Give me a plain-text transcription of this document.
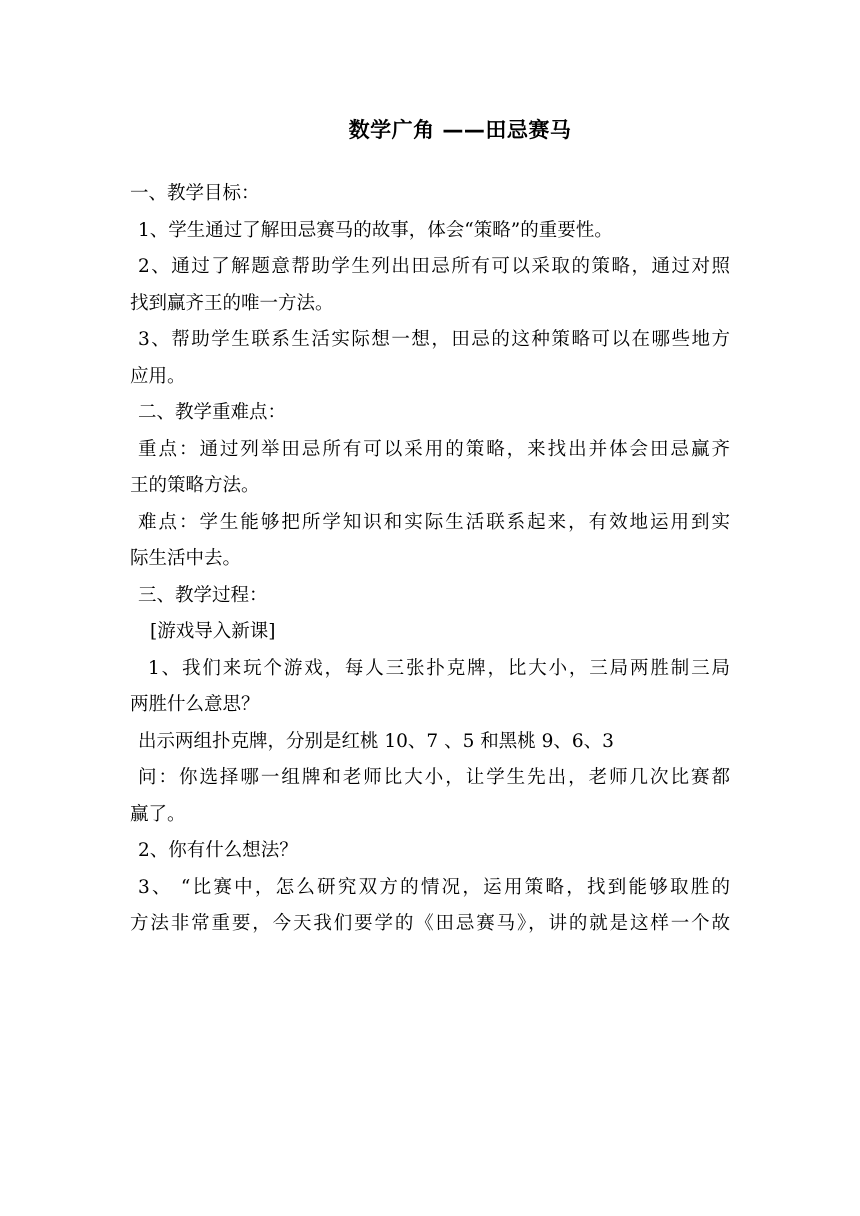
数学广角 ——田忌赛马
一、教学目标：
1、学生通过了解田忌赛马的故事，体会“策略”的重要性。
2、通过了解题意帮助学生列出田忌所有可以采取的策略，通过对照
找到赢齐王的唯一方法。
3、帮助学生联系生活实际想一想，田忌的这种策略可以在哪些地方
应用。
二、教学重难点：
重点：通过列举田忌所有可以采用的策略，来找出并体会田忌赢齐
王的策略方法。
难点：学生能够把所学知识和实际生活联系起来，有效地运用到实
际生活中去。
三、教学过程：
[游戏导入新课]
1、我们来玩个游戏，每人三张扑克牌，比大小，三局两胜制三局
两胜什么意思？
出示两组扑克牌，分别是红桃 10、7 、5 和黑桃 9、6、3
问：你选择哪一组牌和老师比大小，让学生先出，老师几次比赛都
赢了。
2、你有什么想法？
3、 “比赛中，怎么研究双方的情况，运用策略，找到能够取胜的
方法非常重要，今天我们要学的《田忌赛马》，讲的就是这样一个故
